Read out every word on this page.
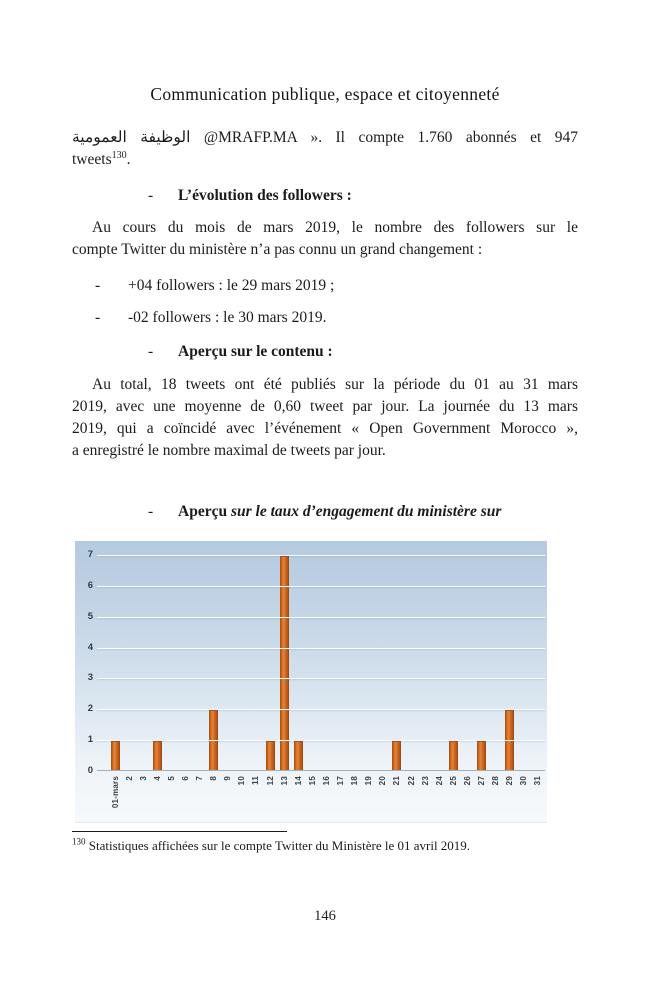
Communication publique, espace et citoyenneté
الوظيفة العمومية @MRAFP.MA ». Il compte 1.760 abonnés et 947
tweets$^{130}$.
- L’évolution des followers :
Au cours du mois de mars 2019, le nombre des followers sur le
compte Twitter du ministère n’a pas connu un grand changement :
- +04 followers : le 29 mars 2019 ;
- -02 followers : le 30 mars 2019.
- Aperçu sur le contenu :
Au total, 18 tweets ont été publiés sur la période du 01 au 31 mars
2019, avec une moyenne de 0,60 tweet par jour. La journée du 13 mars
2019, qui a coïncidé avec l’événement « Open Government Morocco »,
a enregistré le nombre maximal de tweets par jour.
- Aperçu sur le taux d’engagement du ministère sur
0
1
2
3
4
5
6
7
01-mars 2 3 4 5 6 7 8 9 10 11 12 13 14 15 16 17 18 19 20 21 22 23 24 25 26 27 28 29 30 31
$^{130}$ Statistiques affichées sur le compte Twitter du Ministère le 01 avril 2019.
146
